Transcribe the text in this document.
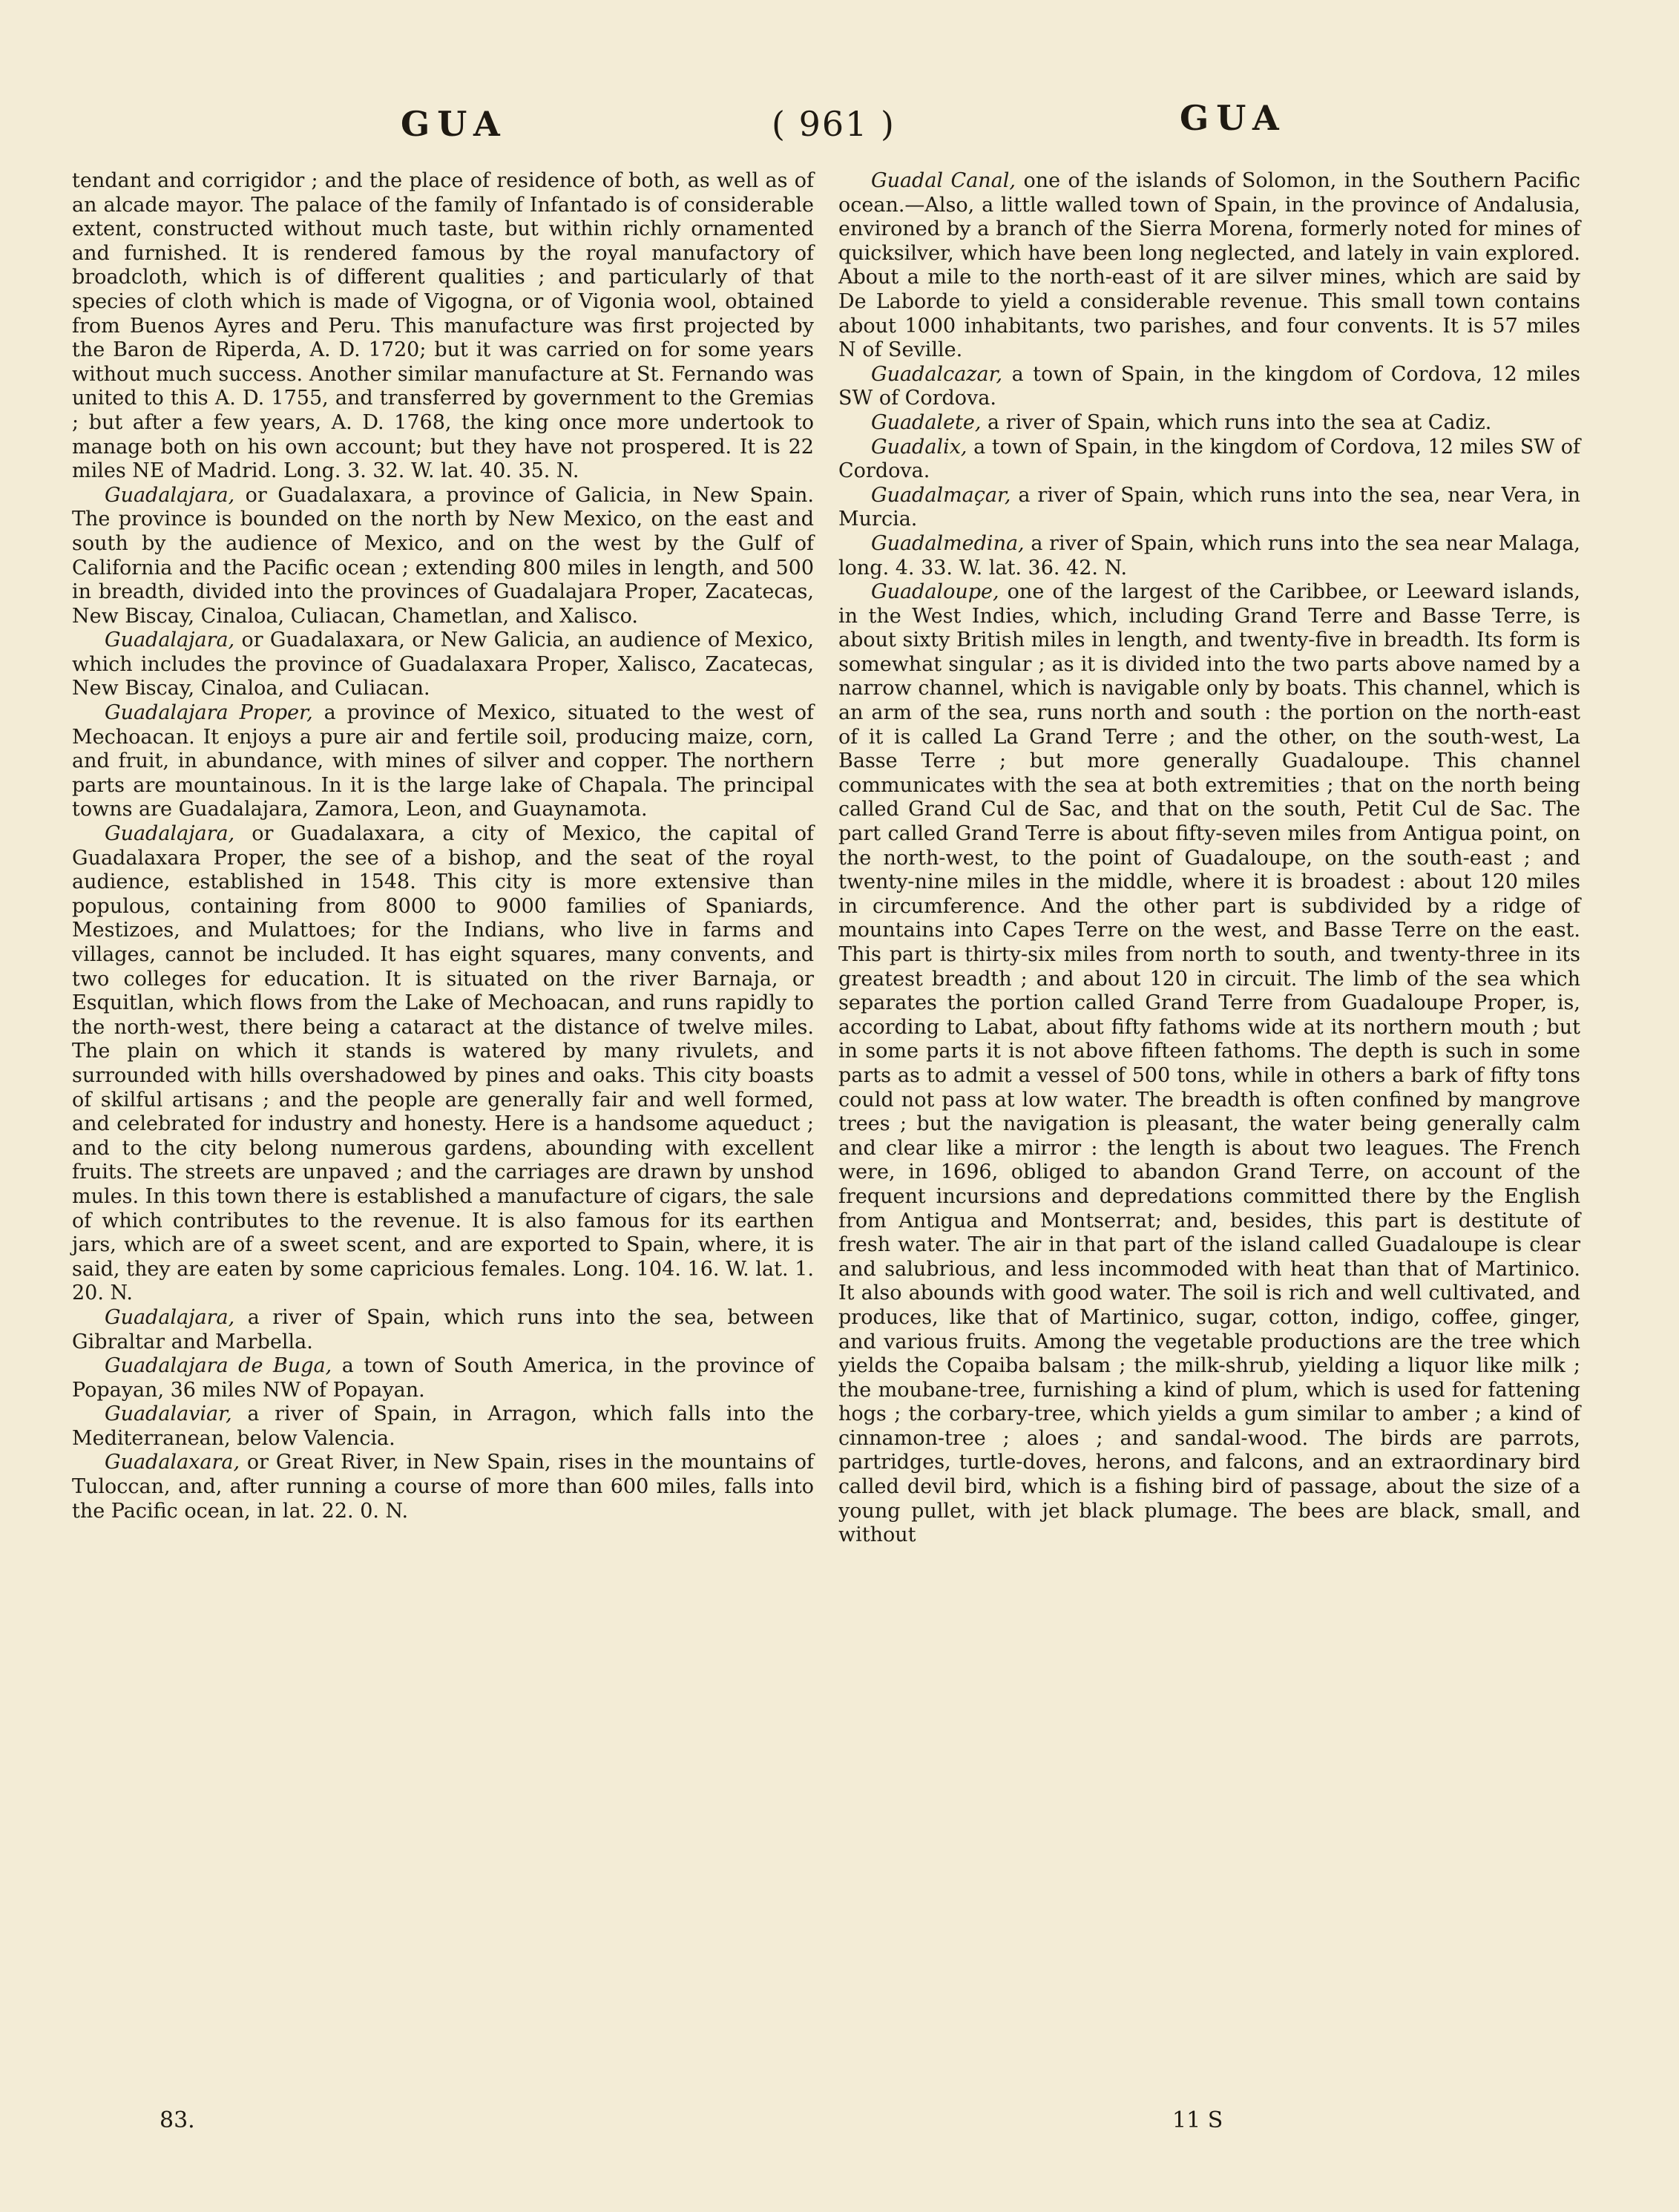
GUA	( 961 )	GUA

tendant and corrigidor ; and the place of residence of both, as well as of an alcade mayor. The palace of the family of Infantado is of considerable extent, constructed without much taste, but within richly ornamented and furnished. It is rendered famous by the royal manufactory of broadcloth, which is of different qualities ; and particularly of that species of cloth which is made of Vigogna, or of Vigonia wool, obtained from Buenos Ayres and Peru. This manufacture was first projected by the Baron de Riperda, A. D. 1720; but it was carried on for some years without much success. Another similar manufacture at St. Fernando was united to this A. D. 1755, and transferred by government to the Gremias ; but after a few years, A. D. 1768, the king once more undertook to manage both on his own account; but they have not prospered. It is 22 miles NE of Madrid. Long. 3. 32. W. lat. 40. 35. N.

Guadalajara, or Guadalaxara, a province of Galicia, in New Spain. The province is bounded on the north by New Mexico, on the east and south by the audience of Mexico, and on the west by the Gulf of California and the Pacific ocean ; extending 800 miles in length, and 500 in breadth, divided into the provinces of Guadalajara Proper, Zacatecas, New Biscay, Cinaloa, Culiacan, Chametlan, and Xalisco.

Guadalajara, or Guadalaxara, or New Galicia, an audience of Mexico, which includes the province of Guadalaxara Proper, Xalisco, Zacatecas, New Biscay, Cinaloa, and Culiacan.

Guadalajara Proper, a province of Mexico, situated to the west of Mechoacan. It enjoys a pure air and fertile soil, producing maize, corn, and fruit, in abundance, with mines of silver and copper. The northern parts are mountainous. In it is the large lake of Chapala. The principal towns are Guadalajara, Zamora, Leon, and Guaynamota.

Guadalajara, or Guadalaxara, a city of Mexico, the capital of Guadalaxara Proper, the see of a bishop, and the seat of the royal audience, established in 1548. This city is more extensive than populous, containing from 8000 to 9000 families of Spaniards, Mestizoes, and Mulattoes; for the Indians, who live in farms and villages, cannot be included. It has eight squares, many convents, and two colleges for education. It is situated on the river Barnaja, or Esquitlan, which flows from the Lake of Mechoacan, and runs rapidly to the north-west, there being a cataract at the distance of twelve miles. The plain on which it stands is watered by many rivulets, and surrounded with hills overshadowed by pines and oaks. This city boasts of skilful artisans ; and the people are generally fair and well formed, and celebrated for industry and honesty. Here is a handsome aqueduct ; and to the city belong numerous gardens, abounding with excellent fruits. The streets are unpaved ; and the carriages are drawn by unshod mules. In this town there is established a manufacture of cigars, the sale of which contributes to the revenue. It is also famous for its earthen jars, which are of a sweet scent, and are exported to Spain, where, it is said, they are eaten by some capricious females. Long. 104. 16. W. lat. 1. 20. N.

Guadalajara, a river of Spain, which runs into the sea, between Gibraltar and Marbella.

Guadalajara de Buga, a town of South America, in the province of Popayan, 36 miles NW of Popayan.

Guadalaviar, a river of Spain, in Arragon, which falls into the Mediterranean, below Valencia.

Guadalaxara, or Great River, in New Spain, rises in the mountains of Tuloccan, and, after running a course of more than 600 miles, falls into the Pacific ocean, in lat. 22. 0. N.

Guadal Canal, one of the islands of Solomon, in the Southern Pacific ocean.—Also, a little walled town of Spain, in the province of Andalusia, environed by a branch of the Sierra Morena, formerly noted for mines of quicksilver, which have been long neglected, and lately in vain explored. About a mile to the north-east of it are silver mines, which are said by De Laborde to yield a considerable revenue. This small town contains about 1000 inhabitants, two parishes, and four convents. It is 57 miles N of Seville.

Guadalcazar, a town of Spain, in the kingdom of Cordova, 12 miles SW of Cordova.

Guadalete, a river of Spain, which runs into the sea at Cadiz.

Guadalix, a town of Spain, in the kingdom of Cordova, 12 miles SW of Cordova.

Guadalmaçar, a river of Spain, which runs into the sea, near Vera, in Murcia.

Guadalmedina, a river of Spain, which runs into the sea near Malaga, long. 4. 33. W. lat. 36. 42. N.

Guadaloupe, one of the largest of the Caribbee, or Leeward islands, in the West Indies, which, including Grand Terre and Basse Terre, is about sixty British miles in length, and twenty-five in breadth. Its form is somewhat singular ; as it is divided into the two parts above named by a narrow channel, which is navigable only by boats. This channel, which is an arm of the sea, runs north and south : the portion on the north-east of it is called La Grand Terre ; and the other, on the south-west, La Basse Terre ; but more generally Guadaloupe. This channel communicates with the sea at both extremities ; that on the north being called Grand Cul de Sac, and that on the south, Petit Cul de Sac. The part called Grand Terre is about fifty-seven miles from Antigua point, on the north-west, to the point of Guadaloupe, on the south-east ; and twenty-nine miles in the middle, where it is broadest : about 120 miles in circumference. And the other part is subdivided by a ridge of mountains into Capes Terre on the west, and Basse Terre on the east. This part is thirty-six miles from north to south, and twenty-three in its greatest breadth ; and about 120 in circuit. The limb of the sea which separates the portion called Grand Terre from Guadaloupe Proper, is, according to Labat, about fifty fathoms wide at its northern mouth ; but in some parts it is not above fifteen fathoms. The depth is such in some parts as to admit a vessel of 500 tons, while in others a bark of fifty tons could not pass at low water. The breadth is often confined by mangrove trees ; but the navigation is pleasant, the water being generally calm and clear like a mirror : the length is about two leagues. The French were, in 1696, obliged to abandon Grand Terre, on account of the frequent incursions and depredations committed there by the English from Antigua and Montserrat; and, besides, this part is destitute of fresh water. The air in that part of the island called Guadaloupe is clear and salubrious, and less incommoded with heat than that of Martinico. It also abounds with good water. The soil is rich and well cultivated, and produces, like that of Martinico, sugar, cotton, indigo, coffee, ginger, and various fruits. Among the vegetable productions are the tree which yields the Copaiba balsam ; the milk-shrub, yielding a liquor like milk ; the moubane-tree, furnishing a kind of plum, which is used for fattening hogs ; the corbary-tree, which yields a gum similar to amber ; a kind of cinnamon-tree ; aloes ; and sandal-wood. The birds are parrots, partridges, turtle-doves, herons, and falcons, and an extraordinary bird called devil bird, which is a fishing bird of passage, about the size of a young pullet, with jet black plumage. The bees are black, small, and without

83.	11 S
